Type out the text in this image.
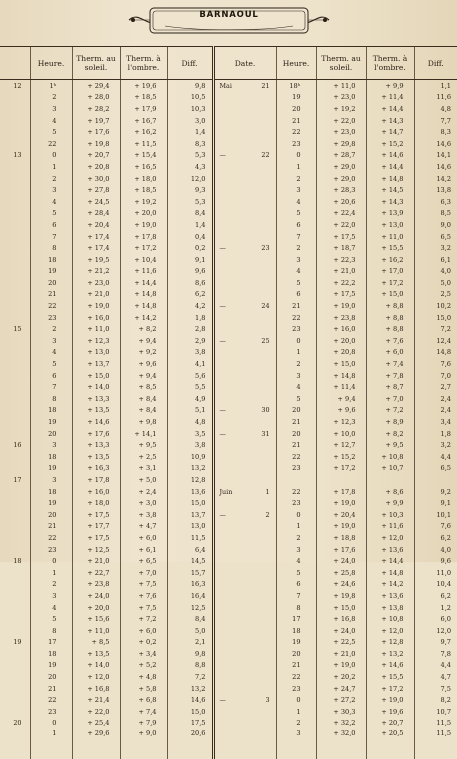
BARNAOUL
	Heure.	Therm. au soleil.	Therm. à l'ombre.	Diff.	Date.		Heure.	Therm. au soleil.	Therm. à l'ombre.	Diff.
12	1ʰ	+ 29,4	+ 19,6	9,8	Mai	21	18ʰ	+ 11,0	+ 9,9	1,1
	2	+ 28,0	+ 18,5	10,5			19	+ 23,0	+ 11,4	11,6
	3	+ 28,2	+ 17,9	10,3			20	+ 19,2	+ 14,4	4,8
	4	+ 19,7	+ 16,7	3,0			21	+ 22,0	+ 14,3	7,7
	5	+ 17,6	+ 16,2	1,4			22	+ 23,0	+ 14,7	8,3
	22	+ 19,8	+ 11,5	8,3			23	+ 29,8	+ 15,2	14,6
13	0	+ 20,7	+ 15,4	5,3	—	22	0	+ 28,7	+ 14,6	14,1
	1	+ 20,8	+ 16,5	4,3			1	+ 29,0	+ 14,4	14,6
	2	+ 30,0	+ 18,0	12,0			2	+ 29,0	+ 14,8	14,2
	3	+ 27,8	+ 18,5	9,3			3	+ 28,3	+ 14,5	13,8
	4	+ 24,5	+ 19,2	5,3			4	+ 20,6	+ 14,3	6,3
	5	+ 28,4	+ 20,0	8,4			5	+ 22,4	+ 13,9	8,5
	6	+ 20,4	+ 19,0	1,4			6	+ 22,0	+ 13,0	9,0
	7	+ 17,4	+ 17,8	0,4			7	+ 17,5	+ 11,0	6,5
	8	+ 17,4	+ 17,2	0,2	—	23	2	+ 18,7	+ 15,5	3,2
	18	+ 19,5	+ 10,4	9,1			3	+ 22,3	+ 16,2	6,1
	19	+ 21,2	+ 11,6	9,6			4	+ 21,0	+ 17,0	4,0
	20	+ 23,0	+ 14,4	8,6			5	+ 22,2	+ 17,2	5,0
	21	+ 21,0	+ 14,8	6,2			6	+ 17,5	+ 15,0	2,5
	22	+ 19,0	+ 14,8	4,2	—	24	21	+ 19,0	+ 8,8	10,2
	23	+ 16,0	+ 14,2	1,8			22	+ 23,8	+ 8,8	15,0
15	2	+ 11,0	+ 8,2	2,8			23	+ 16,0	+ 8,8	7,2
	3	+ 12,3	+ 9,4	2,9	—	25	0	+ 20,0	+ 7,6	12,4
	4	+ 13,0	+ 9,2	3,8			1	+ 20,8	+ 6,0	14,8
	5	+ 13,7	+ 9,6	4,1			2	+ 15,0	+ 7,4	7,6
	6	+ 15,0	+ 9,4	5,6			3	+ 14,8	+ 7,8	7,0
	7	+ 14,0	+ 8,5	5,5			4	+ 11,4	+ 8,7	2,7
	8	+ 13,3	+ 8,4	4,9			5	+ 9,4	+ 7,0	2,4
	18	+ 13,5	+ 8,4	5,1	—	30	20	+ 9,6	+ 7,2	2,4
	19	+ 14,6	+ 9,8	4,8			21	+ 12,3	+ 8,9	3,4
	20	+ 17,6	+ 14,1	3,5	—	31	20	+ 10,0	+ 8,2	1,8
16	3	+ 13,3	+ 9,5	3,8			21	+ 12,7	+ 9,5	3,2
	18	+ 13,5	+ 2,5	10,9			22	+ 15,2	+ 10,8	4,4
	19	+ 16,3	+ 3,1	13,2			23	+ 17,2	+ 10,7	6,5
17	3	+ 17,8	+ 5,0	12,8						
	18	+ 16,0	+ 2,4	13,6	Juin	1	22	+ 17,8	+ 8,6	9,2
	19	+ 18,0	+ 3,0	15,0			23	+ 19,0	+ 9,9	9,1
	20	+ 17,5	+ 3,8	13,7	—	2	0	+ 20,4	+ 10,3	10,1
	21	+ 17,7	+ 4,7	13,0			1	+ 19,0	+ 11,6	7,6
	22	+ 17,5	+ 6,0	11,5			2	+ 18,8	+ 12,0	6,2
	23	+ 12,5	+ 6,1	6,4			3	+ 17,6	+ 13,6	4,0
18	0	+ 21,0	+ 6,5	14,5			4	+ 24,0	+ 14,4	9,6
	1	+ 22,7	+ 7,0	15,7			5	+ 25,8	+ 14,8	11,0
	2	+ 23,8	+ 7,5	16,3			6	+ 24,6	+ 14,2	10,4
	3	+ 24,0	+ 7,6	16,4			7	+ 19,8	+ 13,6	6,2
	4	+ 20,0	+ 7,5	12,5			8	+ 15,0	+ 13,8	1,2
	5	+ 15,6	+ 7,2	8,4			17	+ 16,8	+ 10,8	6,0
	8	+ 11,0	+ 6,0	5,0			18	+ 24,0	+ 12,0	12,0
19	17	+ 8,5	+ 0,2	2,1			19	+ 22,5	+ 12,8	9,7
	18	+ 13,5	+ 3,4	9,8			20	+ 21,0	+ 13,2	7,8
	19	+ 14,0	+ 5,2	8,8			21	+ 19,0	+ 14,6	4,4
	20	+ 12,0	+ 4,8	7,2			22	+ 20,2	+ 15,5	4,7
	21	+ 16,8	+ 5,8	13,2			23	+ 24,7	+ 17,2	7,5
	22	+ 21,4	+ 6,8	14,6	—	3	0	+ 27,2	+ 19,0	8,2
	23	+ 22,0	+ 7,4	15,0			1	+ 30,3	+ 19,6	10,7
20	0	+ 25,4	+ 7,9	17,5			2	+ 32,2	+ 20,7	11,5
	1	+ 29,6	+ 9,0	20,6			3	+ 32,0	+ 20,5	11,5
